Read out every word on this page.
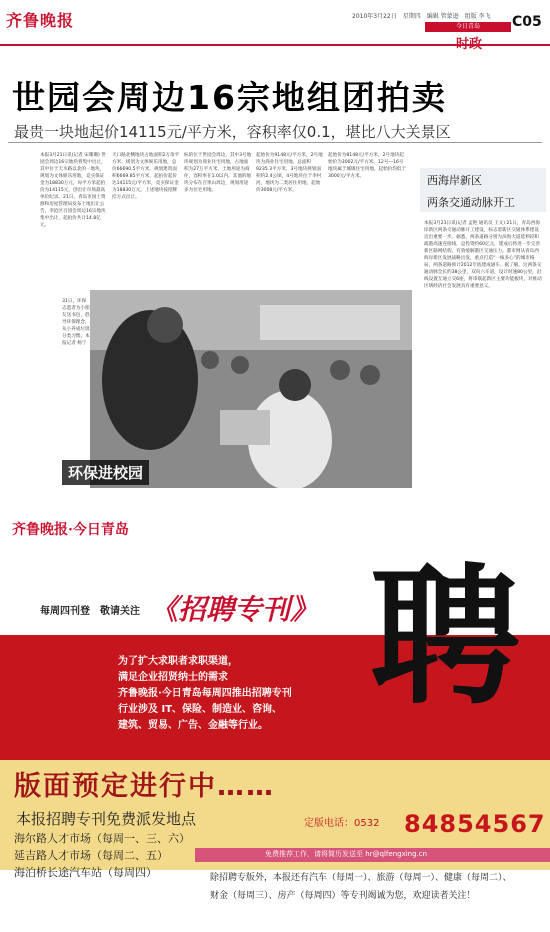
齐鲁晚报	2010年3月22日　星期四　编辑 管蒙逊　组版 李飞
今日青岛
时政
C05
世园会周边16宗地组团拍卖
最贵一块地起价14115元/平方米，容积率仅0.1，堪比八大关景区
本报3月21日讯(记者 宋珊珊) 世园会周边16宗地块将集中出让，其中位于天水路以北的一地块，规划为文体娱乐用地，竞买保证金为18830万元，每平方米起拍价为14115元，创出让市场最高单价纪录。21日，青岛市国土资源和房屋管理局发布土地出让公告，李沧区百园会周边16宗地块集中出让，起拍价共计14.8亿元。
天口路北侧地块占地面积2万余平方米，规划为文体娱乐用地，总价66690.5平方米，规划建筑面积6669.85平方米，起拍价起价达14115元/平方米，竞买保证金为18830万元。上述地块按招牌挂方式出让。
标的位于世园会周边，其中3号地块规划为商业住宅用地，占地面积为27万平方米，土地用途为商住，容积率在1.0以内。其他的地块分布在百果山周边，规划用途多为住宅用地。
起始价为9148元/平方米，2号地块为商业住宅用地，总面积9235.3平方米，3号地块规划面积约2.4公顷，4号地块位于李村河，地块为二类居住用地，起始价3008元/平方米。
起始价为8148元/平方米，2号地块起始价为3002元/平方米。12号—16号地块属于城镇住宅用地，起始价均低于3000元/平方米。
31日，环保志愿者为小朋友送书包，倡导环保理念，从小养成垃圾分类习惯。本报记者 杨宁
环保进校园
西海岸新区
两条交通动脉开工
本报3月21日讯(记者 孟艳 通讯员 王文) 21日，青岛西海岸新区两条交通动脉开工建设，标志着新区交通体系建设迈出重要一步。据悉，两条道路分别为滨海大道延伸段和疏港高速连接线，总投资约60亿元，建成后将进一步完善新区路网结构，有效缓解港区交通压力。都市网从青岛西海岸新区发展战略出发，重点打造“一核多心”的城市格局，两条道路预计2012年底建成通车。据了解，这两条交通动脉全长约38公里，双向六车道，设计时速80公里，沿线设置互通立交6座，将串联起新区主要功能板块，对推动区域经济社会发展具有重要意义。
齐鲁晚报·今日青岛
每周四刊登　敬请关注 《招聘专刊》 聘
为了扩大求职者求职渠道，
满足企业招贤纳士的需求
齐鲁晚报·今日青岛每周四推出招聘专刊
行业涉及 IT、保险、制造业、咨询、
建筑、贸易、广告、金融等行业。
版面预定进行中……
本报招聘专刊免费派发地点
海尔路人才市场（每周一、三、六）
延吉路人才市场（每周二、五）
海泊桥长途汽车站（每周四）
定版电话：0532 84854567
免费推荐工作，请将简历发送至 hr@qlfengxing.cn
除招聘专版外，本报还有汽车（每周一）、旅游（每周一）、健康（每周二）、
财金（每周三）、房产（每周四）等专刊竭诚为您，欢迎读者关注！
